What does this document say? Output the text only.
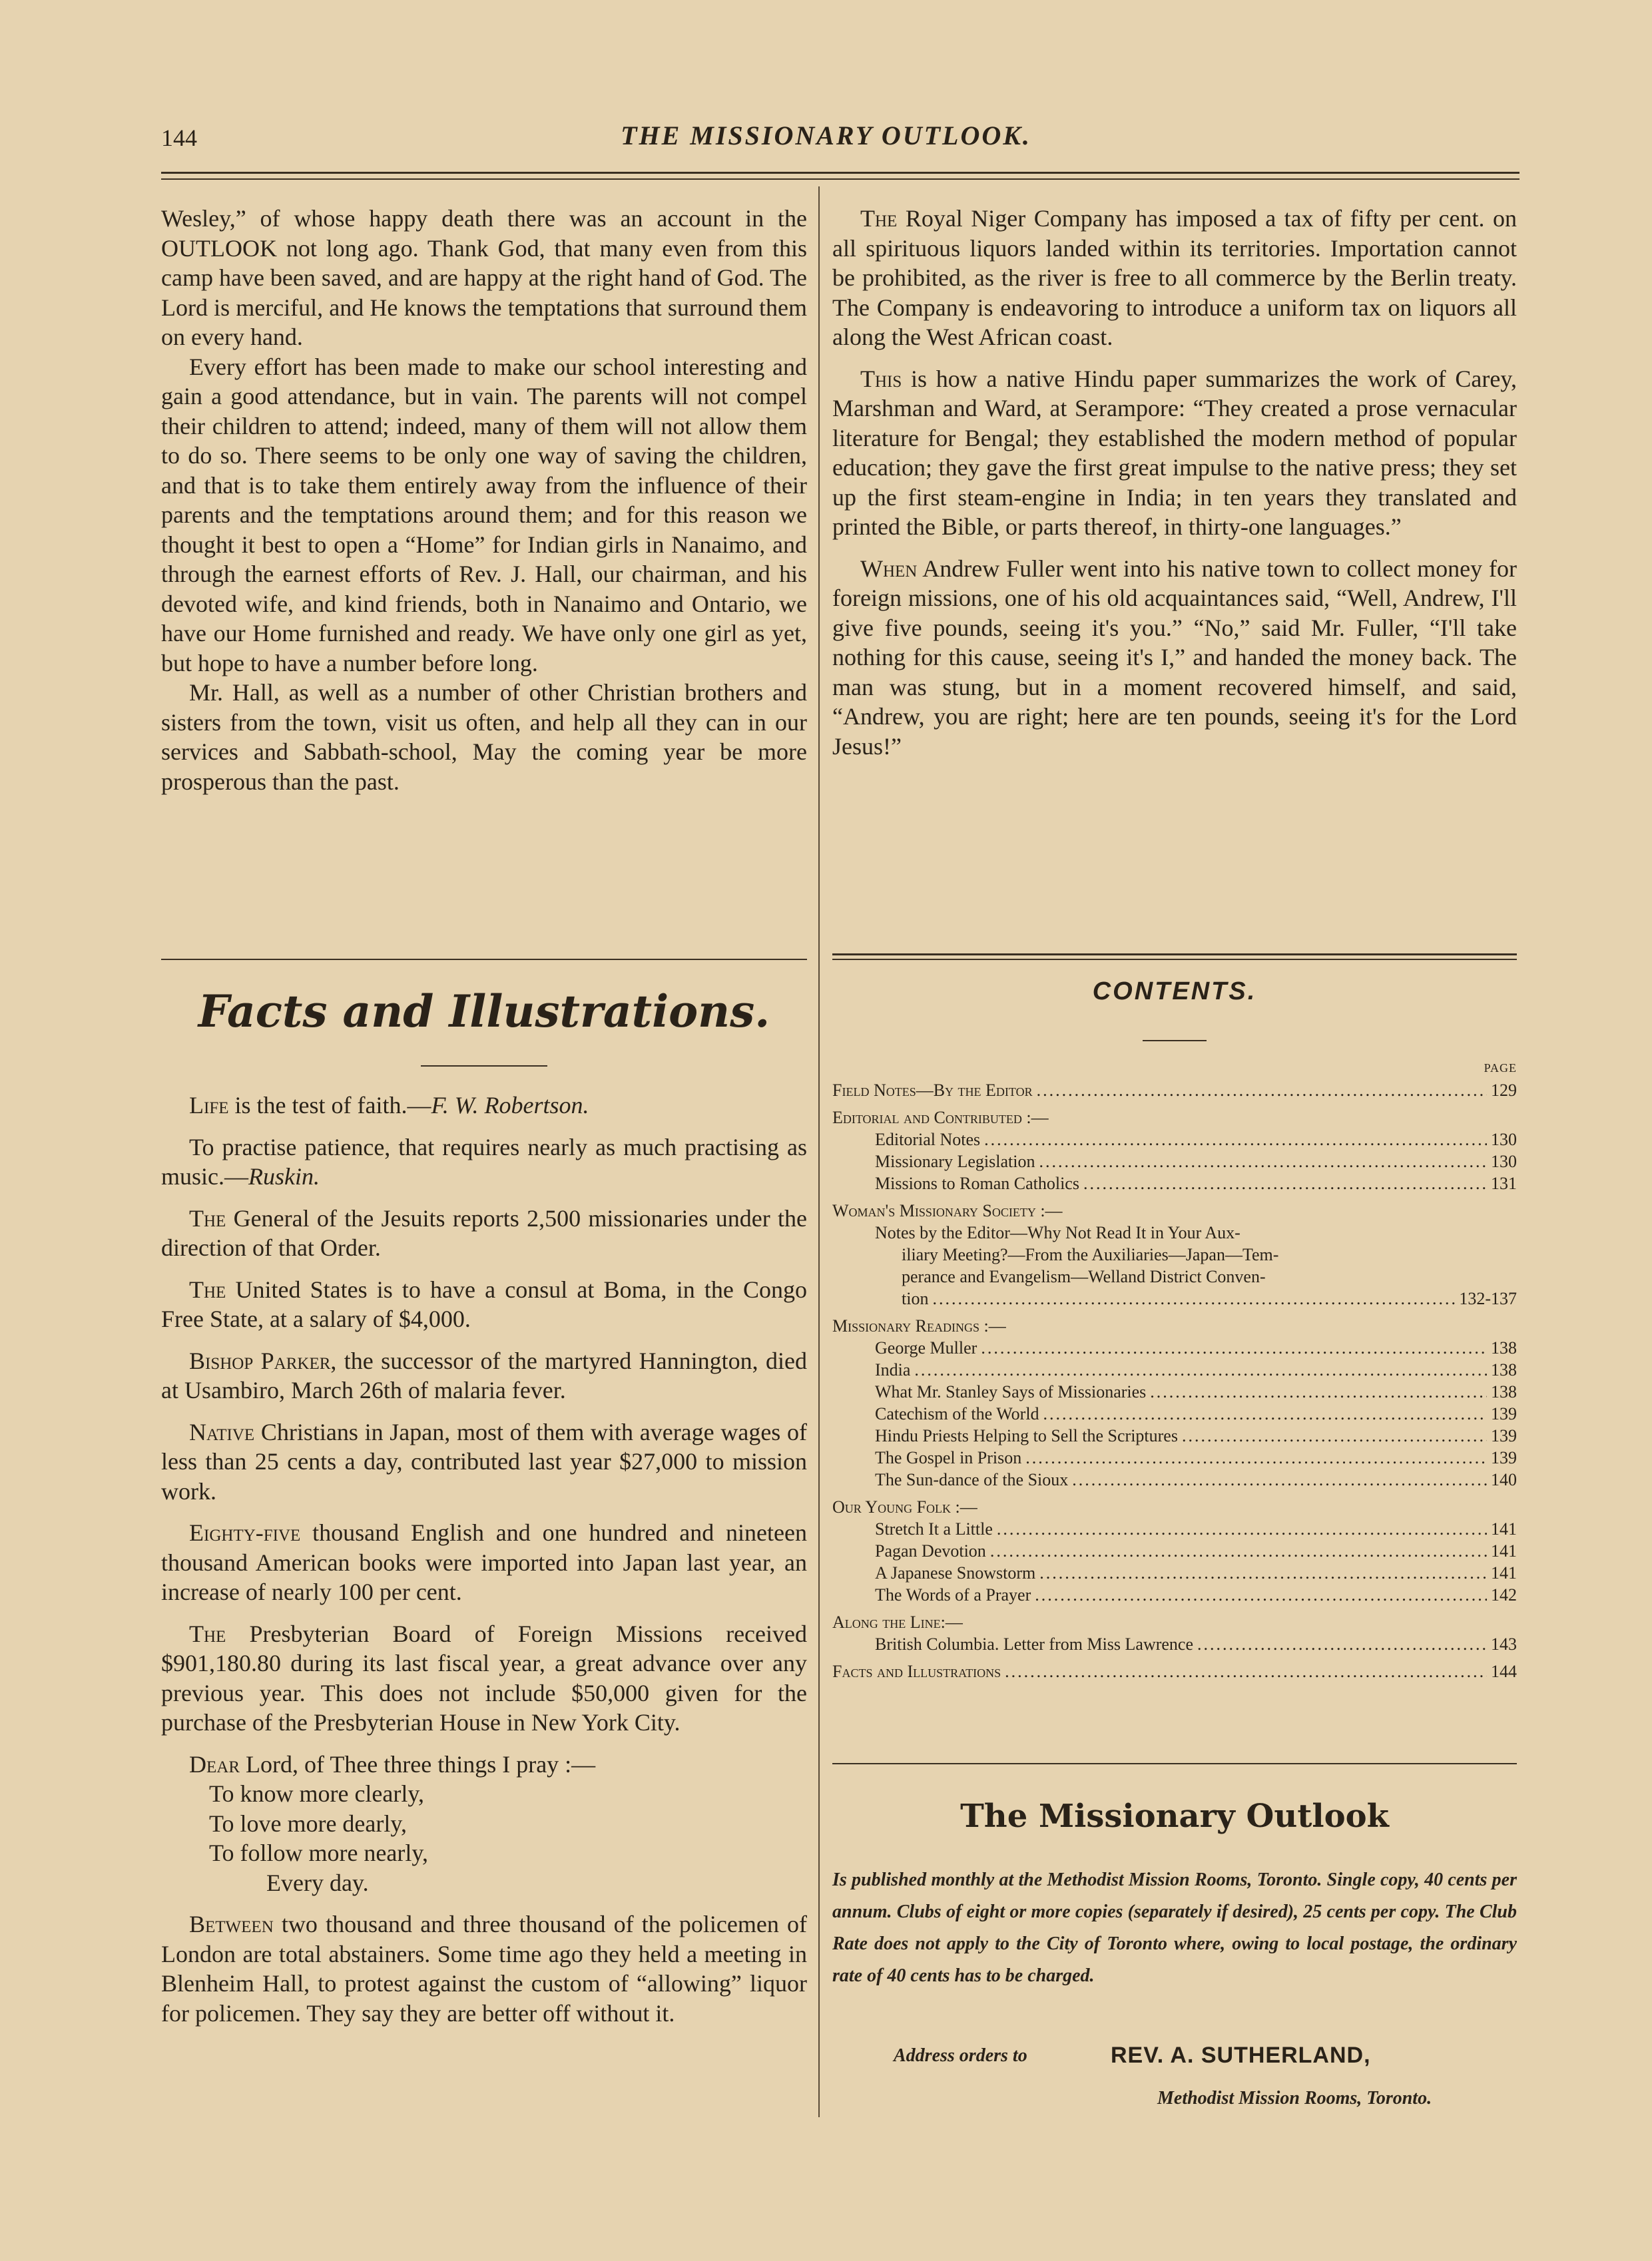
144	THE MISSIONARY OUTLOOK.

Wesley,” of whose happy death there was an account in the OUTLOOK not long ago. Thank God, that many even from this camp have been saved, and are happy at the right hand of God. The Lord is merciful, and He knows the temptations that surround them on every hand.

Every effort has been made to make our school interesting and gain a good attendance, but in vain. The parents will not compel their children to attend; indeed, many of them will not allow them to do so. There seems to be only one way of saving the children, and that is to take them entirely away from the influence of their parents and the temptations around them; and for this reason we thought it best to open a “Home” for Indian girls in Nanaimo, and through the earnest efforts of Rev. J. Hall, our chairman, and his devoted wife, and kind friends, both in Nanaimo and Ontario, we have our Home furnished and ready. We have only one girl as yet, but hope to have a number before long.

Mr. Hall, as well as a number of other Christian brothers and sisters from the town, visit us often, and help all they can in our services and Sabbath-school, May the coming year be more prosperous than the past.

Facts and Illustrations.

Life is the test of faith.—F. W. Robertson.

To practise patience, that requires nearly as much practising as music.—Ruskin.

The General of the Jesuits reports 2,500 missionaries under the direction of that Order.

The United States is to have a consul at Boma, in the Congo Free State, at a salary of $4,000.

Bishop Parker, the successor of the martyred Hannington, died at Usambiro, March 26th of malaria fever.

Native Christians in Japan, most of them with average wages of less than 25 cents a day, contributed last year $27,000 to mission work.

Eighty-five thousand English and one hundred and nineteen thousand American books were imported into Japan last year, an increase of nearly 100 per cent.

The Presbyterian Board of Foreign Missions received $901,180.80 during its last fiscal year, a great advance over any previous year. This does not include $50,000 given for the purchase of the Presbyterian House in New York City.

Dear Lord, of Thee three things I pray :—

To know more clearly,

To love more dearly,

To follow more nearly,

Every day.

Between two thousand and three thousand of the policemen of London are total abstainers. Some time ago they held a meeting in Blenheim Hall, to protest against the custom of “allowing” liquor for policemen. They say they are better off without it.

The Royal Niger Company has imposed a tax of fifty per cent. on all spirituous liquors landed within its territories. Importation cannot be prohibited, as the river is free to all commerce by the Berlin treaty. The Company is endeavoring to introduce a uniform tax on liquors all along the West African coast.

This is how a native Hindu paper summarizes the work of Carey, Marshman and Ward, at Serampore: “They created a prose vernacular literature for Bengal; they established the modern method of popular education; they gave the first great impulse to the native press; they set up the first steam-engine in India; in ten years they translated and printed the Bible, or parts thereof, in thirty-one languages.”

When Andrew Fuller went into his native town to collect money for foreign missions, one of his old acquaintances said, “Well, Andrew, I'll give five pounds, seeing it's you.” “No,” said Mr. Fuller, “I'll take nothing for this cause, seeing it's I,” and handed the money back. The man was stung, but in a moment recovered himself, and said, “Andrew, you are right; here are ten pounds, seeing it's for the Lord Jesus!”

CONTENTS.
PAGE
Field Notes—By the Editor .....	129
Editorial and Contributed :—
Editorial Notes .....	130
Missionary Legislation .....	130
Missions to Roman Catholics .....	131
Woman's Missionary Society :—
Notes by the Editor—Why Not Read It in Your Aux-
iliary Meeting?—From the Auxiliaries—Japan—Tem-
perance and Evangelism—Welland District Conven-
tion .....	132-137
Missionary Readings :—
George Muller .....	138
India .....	138
What Mr. Stanley Says of Missionaries .....	138
Catechism of the World .....	139
Hindu Priests Helping to Sell the Scriptures .....	139
The Gospel in Prison .....	139
The Sun-dance of the Sioux .....	140
Our Young Folk :—
Stretch It a Little .....	141
Pagan Devotion .....	141
A Japanese Snowstorm .....	141
The Words of a Prayer .....	142
Along the Line:—
British Columbia. Letter from Miss Lawrence .....	143
Facts and Illustrations .....	144
The Missionary Outlook
Is published monthly at the Methodist Mission Rooms, Toronto. Single copy, 40 cents per annum. Clubs of eight or more copies (separately if desired), 25 cents per copy. The Club Rate does not apply to the City of Toronto where, owing to local postage, the ordinary rate of 40 cents has to be charged.
Address orders to	REV. A. SUTHERLAND,
Methodist Mission Rooms, Toronto.
